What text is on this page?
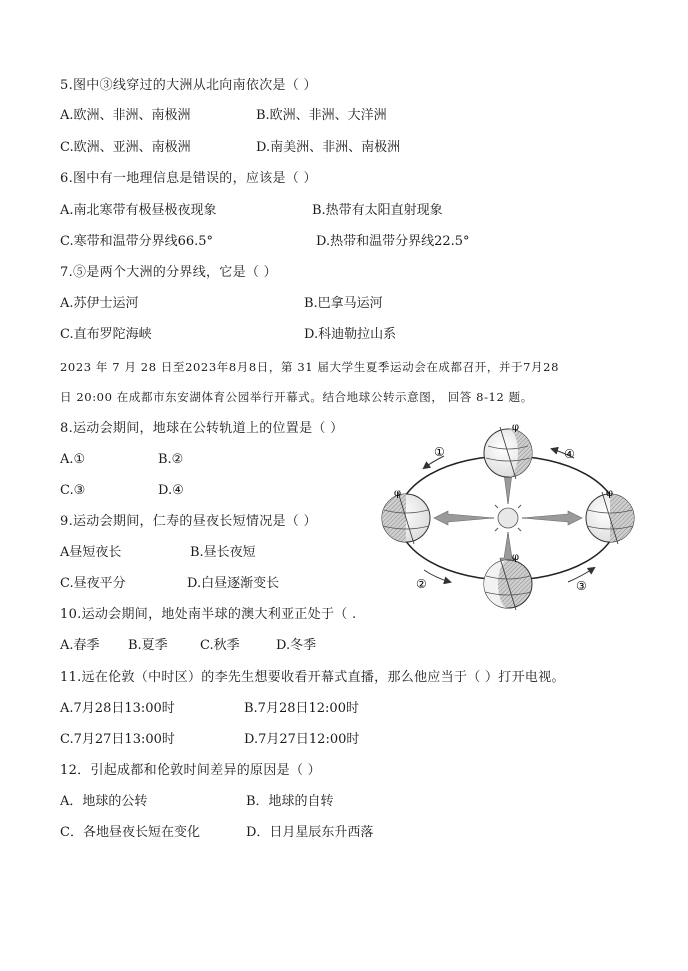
5.图中③线穿过的大洲从北向南依次是（ ）
A.欧洲、非洲、南极洲	B.欧洲、非洲、大洋洲
C.欧洲、亚洲、南极洲	D.南美洲、非洲、南极洲
6.图中有一地理信息是错误的，应该是（ ）
A.南北寒带有极昼极夜现象	B.热带有太阳直射现象
C.寒带和温带分界线66.5°	D.热带和温带分界线22.5°
7.⑤是两个大洲的分界线，它是（ ）
A.苏伊士运河	B.巴拿马运河
C.直布罗陀海峡	D.科迪勒拉山系
2023 年 7 月 28 日至2023年8月8日，第 31 届大学生夏季运动会在成都召开，并于7月28
日 20:00 在成都市东安湖体育公园举行开幕式。结合地球公转示意图， 回答 8-12 题。
8.运动会期间，地球在公转轨道上的位置是（ ）
A.①	B.②
C.③	D.④
9.运动会期间，仁寿的昼夜长短情况是（ ）
A昼短夜长	B.昼长夜短
C.昼夜平分	D.白昼逐渐变长
10.运动会期间，地处南半球的澳大利亚正处于（ .
A.春季 B.夏季 C.秋季	D.冬季
11.远在伦敦（中时区）的李先生想要收看开幕式直播，那么他应当于（ ）打开电视。
A.7月28日13:00时	B.7月28日12:00时
C.7月27日13:00时	D.7月27日12:00时
12．引起成都和伦敦时间差异的原因是（ ）
A．地球的公转	B．地球的自转
C．各地昼夜长短在变化	D．日月星辰东升西落
①	④
②	③
φ
φ	φ
φ
